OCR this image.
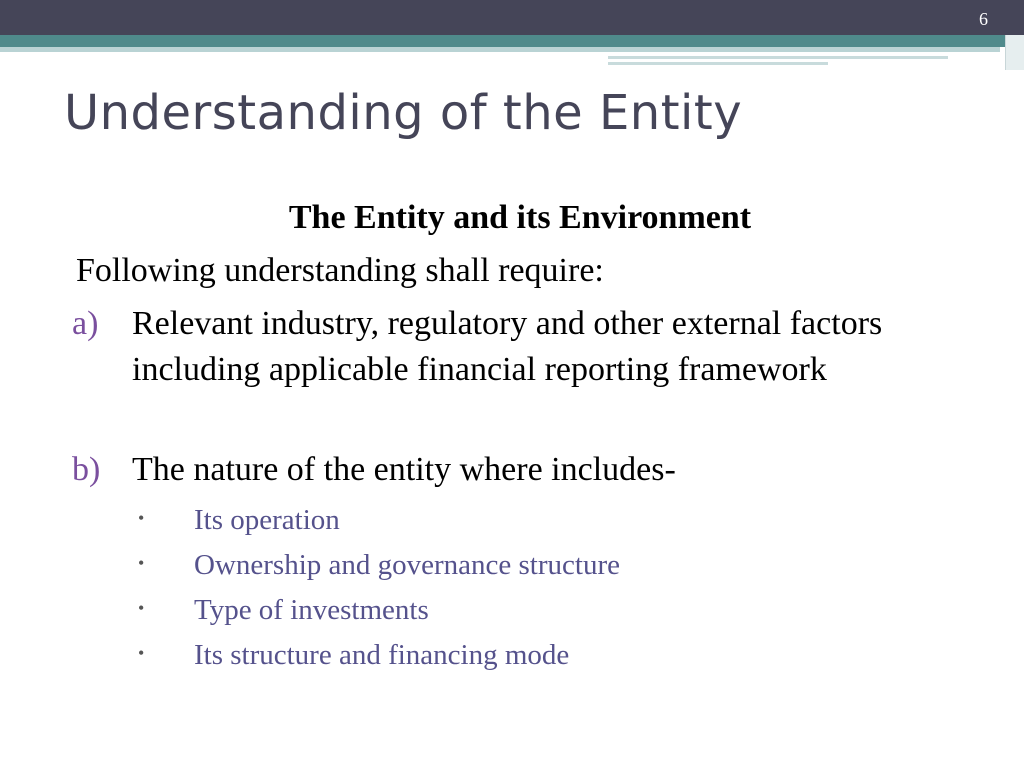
6
Understanding of the Entity
The Entity and its Environment
Following understanding shall require:
a) Relevant industry, regulatory and other external factors including applicable financial reporting framework
b) The nature of the entity where includes-
• Its operation
• Ownership and governance structure
• Type of investments
• Its structure and financing mode
